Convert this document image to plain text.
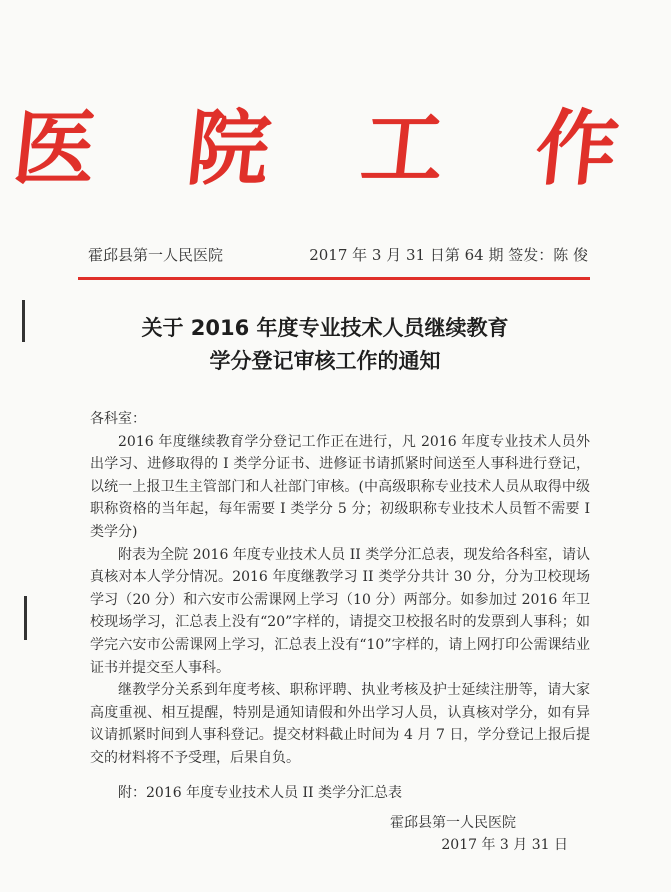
医 院 工 作
霍邱县第一人民医院	2017 年 3 月 31 日第 64 期 签发：陈 俊
关于 2016 年度专业技术人员继续教育
学分登记审核工作的通知

各科室：

2016 年度继续教育学分登记工作正在进行，凡 2016 年度专业技术人员外出学习、进修取得的 I 类学分证书、进修证书请抓紧时间送至人事科进行登记，以统一上报卫生主管部门和人社部门审核。(中高级职称专业技术人员从取得中级职称资格的当年起，每年需要 I 类学分 5 分；初级职称专业技术人员暂不需要 I 类学分)

附表为全院 2016 年度专业技术人员 II 类学分汇总表，现发给各科室，请认真核对本人学分情况。2016 年度继教学习 II 类学分共计 30 分，分为卫校现场学习（20 分）和六安市公需课网上学习（10 分）两部分。如参加过 2016 年卫校现场学习，汇总表上没有“20”字样的，请提交卫校报名时的发票到人事科；如学完六安市公需课网上学习，汇总表上没有“10”字样的，请上网打印公需课结业证书并提交至人事科。

继教学分关系到年度考核、职称评聘、执业考核及护士延续注册等，请大家高度重视、相互提醒，特别是通知请假和外出学习人员，认真核对学分，如有异议请抓紧时间到人事科登记。提交材料截止时间为 4 月 7 日，学分登记上报后提交的材料将不予受理，后果自负。

附：2016 年度专业技术人员 II 类学分汇总表

霍邱县第一人民医院
2017 年 3 月 31 日
